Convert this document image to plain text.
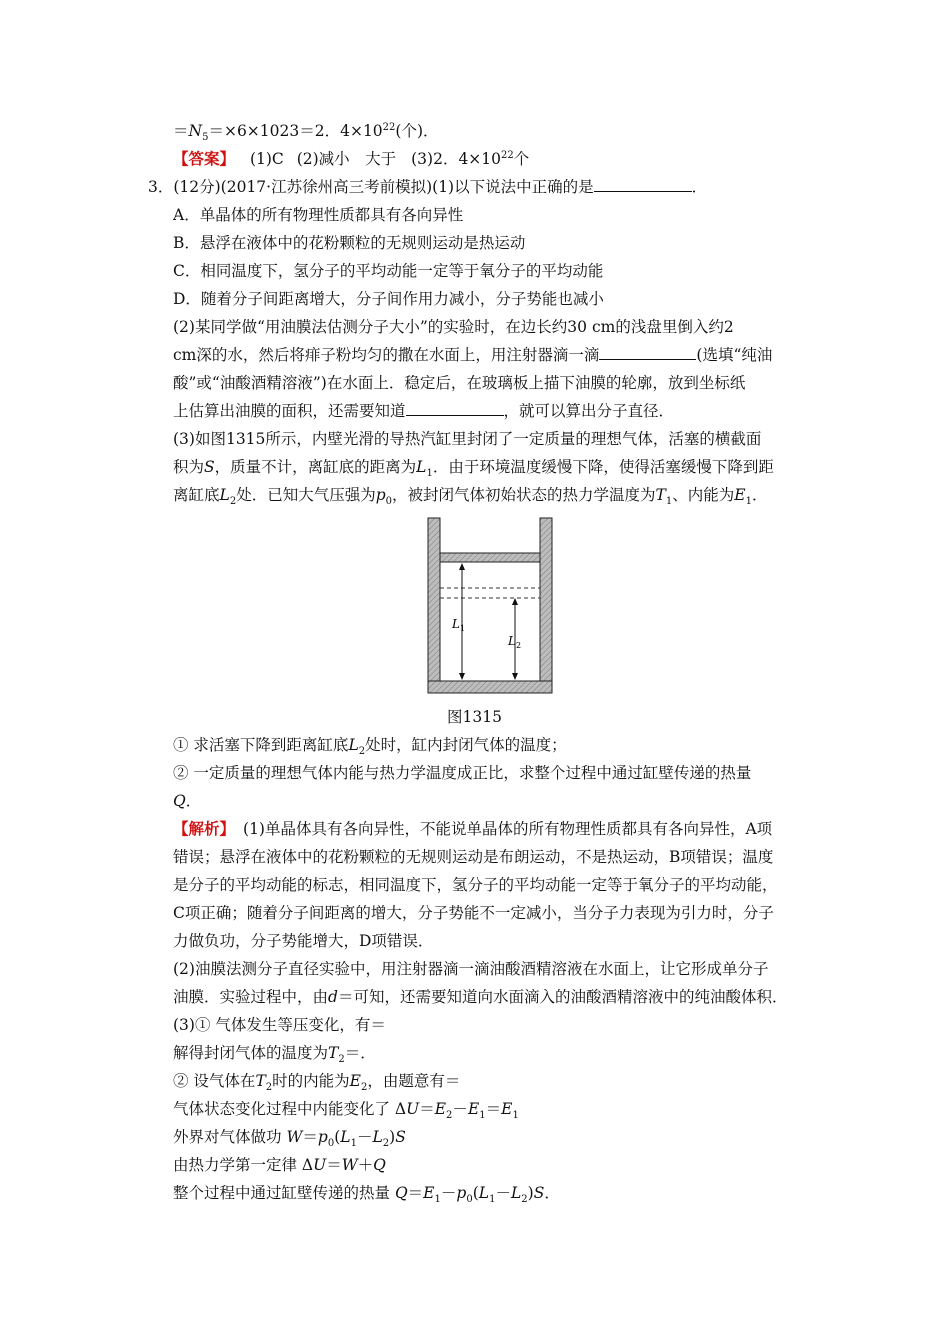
$=N_5=\times 6\times 1023=2$．$4\times 10^{22}$(个)．
【答案】 (1)C (2)减小　大于 (3)2．$4\times 10^{22}$个
3．(12分)(2017·江苏徐州高三考前模拟)(1)以下说法中正确的是	．
A．单晶体的所有物理性质都具有各向异性
B．悬浮在液体中的花粉颗粒的无规则运动是热运动
C．相同温度下，氢分子的平均动能一定等于氧分子的平均动能
D．随着分子间距离增大，分子间作用力减小，分子势能也减小
(2)某同学做“用油膜法估测分子大小”的实验时，在边长约30 cm的浅盘里倒入约2
cm深的水，然后将痱子粉均匀的撒在水面上，用注射器滴一滴	(选填“纯油
酸”或“油酸酒精溶液”)在水面上．稳定后，在玻璃板上描下油膜的轮廓，放到坐标纸
上估算出油膜的面积，还需要知道	，就可以算出分子直径．
(3)如图1315所示，内壁光滑的导热汽缸里封闭了一定质量的理想气体，活塞的横截面
积为S，质量不计，离缸底的距离为$L_1$．由于环境温度缓慢下降，使得活塞缓慢下降到距
离缸底$L_2$处．已知大气压强为$p_0$，被封闭气体初始状态的热力学温度为$T_1$、内能为$E_1$．
$L_1$
$L_2$
图1315
① 求活塞下降到距离缸底$L_2$处时，缸内封闭气体的温度；
② 一定质量的理想气体内能与热力学温度成正比，求整个过程中通过缸壁传递的热量
Q．
【解析】 (1)单晶体具有各向异性，不能说单晶体的所有物理性质都具有各向异性，A项
错误；悬浮在液体中的花粉颗粒的无规则运动是布朗运动，不是热运动，B项错误；温度
是分子的平均动能的标志，相同温度下，氢分子的平均动能一定等于氧分子的平均动能，
C项正确；随着分子间距离的增大，分子势能不一定减小，当分子力表现为引力时，分子
力做负功，分子势能增大，D项错误．
(2)油膜法测分子直径实验中，用注射器滴一滴油酸酒精溶液在水面上，让它形成单分子
油膜．实验过程中，由d＝可知，还需要知道向水面滴入的油酸酒精溶液中的纯油酸体积．
(3)① 气体发生等压变化，有＝
解得封闭气体的温度为$T_2=$．
② 设气体在$T_2$时的内能为$E_2$，由题意有＝
气体状态变化过程中内能变化了 $\Delta U=E_2-E_1=E_1$
外界对气体做功 $W=p_0(L_1-L_2)S$
由热力学第一定律 ΔU＝W＋Q
整个过程中通过缸壁传递的热量 $Q=E_1-p_0(L_1-L_2)S$．
